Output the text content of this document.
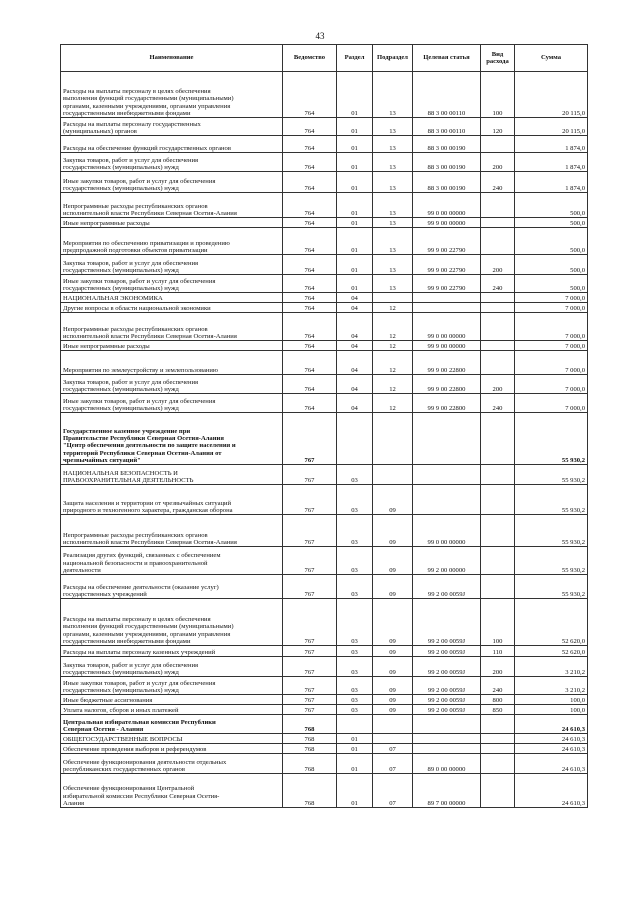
43
Наименование	Ведомство	Раздел	Подраздел	Целевая статья	Вид расхода	Сумма
Расходы на выплаты персоналу в целях обеспечения
выполнения функций государственными (муниципальными)
органами, казенными учреждениями, органами управления
государственными внебюджетными фондами	764	01	13	88 3 00 00110	100	20 115,0
Расходы на выплаты персоналу государственных
(муниципальных) органов	764	01	13	88 3 00 00110	120	20 115,0
Расходы на обеспечение функций государственных органов	764	01	13	88 3 00 00190		1 874,0
Закупка товаров, работ и услуг для обеспечения
государственных (муниципальных) нужд	764	01	13	88 3 00 00190	200	1 874,0
Иные закупки товаров, работ и услуг для обеспечения
государственных (муниципальных) нужд	764	01	13	88 3 00 00190	240	1 874,0
Непрограммные расходы республиканских органов
исполнительной власти Республики Северная Осетия-Алания	764	01	13	99 0 00 00000		500,0
Иные непрограммные расходы	764	01	13	99 9 00 00000		500,0
Мероприятия по обеспечению приватизации и проведению
предпродажной подготовки объектов приватизации	764	01	13	99 9 00 22790		500,0
Закупка товаров, работ и услуг для обеспечения
государственных (муниципальных) нужд	764	01	13	99 9 00 22790	200	500,0
Иные закупки товаров, работ и услуг для обеспечения
государственных (муниципальных) нужд	764	01	13	99 9 00 22790	240	500,0
НАЦИОНАЛЬНАЯ ЭКОНОМИКА	764	04				7 000,0
Другие вопросы в области национальной экономики	764	04	12			7 000,0
Непрограммные расходы республиканских органов
исполнительной власти Республики Северная Осетия-Алания	764	04	12	99 0 00 00000		7 000,0
Иные непрограммные расходы	764	04	12	99 9 00 00000		7 000,0
Мероприятия по землеустройству и землепользованию	764	04	12	99 9 00 22800		7 000,0
Закупка товаров, работ и услуг для обеспечения
государственных (муниципальных) нужд	764	04	12	99 9 00 22800	200	7 000,0
Иные закупки товаров, работ и услуг для обеспечения
государственных (муниципальных) нужд	764	04	12	99 9 00 22800	240	7 000,0
Государственное казенное учреждение при
Правительстве Республики Северная Осетия-Алания
"Центр обеспечения деятельности по защите населения и
территорий Республики Северная Осетия-Алания от
чрезвычайных ситуаций"	767					55 930,2
НАЦИОНАЛЬНАЯ БЕЗОПАСНОСТЬ И
ПРАВООХРАНИТЕЛЬНАЯ ДЕЯТЕЛЬНОСТЬ	767	03				55 930,2
Защита населения и территории от чрезвычайных ситуаций
природного и техногенного характера, гражданская оборона	767	03	09			55 930,2
Непрограммные расходы республиканских органов
исполнительной власти Республики Северная Осетия-Алания	767	03	09	99 0 00 00000		55 930,2
Реализация других функций, связанных с обеспечением
национальной безопасности и правоохранительной
деятельности	767	03	09	99 2 00 00000		55 930,2
Расходы на обеспечение деятельности (оказание услуг)
государственных учреждений	767	03	09	99 2 00 0059J		55 930,2
Расходы на выплаты персоналу в целях обеспечения
выполнения функций государственными (муниципальными)
органами, казенными учреждениями, органами управления
государственными внебюджетными фондами	767	03	09	99 2 00 0059J	100	52 620,0
Расходы на выплаты персоналу казенных учреждений	767	03	09	99 2 00 0059J	110	52 620,0
Закупка товаров, работ и услуг для обеспечения
государственных (муниципальных) нужд	767	03	09	99 2 00 0059J	200	3 210,2
Иные закупки товаров, работ и услуг для обеспечения
государственных (муниципальных) нужд	767	03	09	99 2 00 0059J	240	3 210,2
Иные бюджетные ассигнования	767	03	09	99 2 00 0059J	800	100,0
Уплата налогов, сборов и иных платежей	767	03	09	99 2 00 0059J	850	100,0
Центральная избирательная комиссия Республики
Северная Осетия - Алания	768					24 610,3
ОБЩЕГОСУДАРСТВЕННЫЕ ВОПРОСЫ	768	01				24 610,3
Обеспечение проведения выборов и референдумов	768	01	07			24 610,3
Обеспечение функционирования деятельности отдельных
республиканских государственных органов	768	01	07	89 0 00 00000		24 610,3
Обеспечение функционирования Центральной
избирательной комиссии Республики Северная Осетия-
Алания	768	01	07	89 7 00 00000		24 610,3
